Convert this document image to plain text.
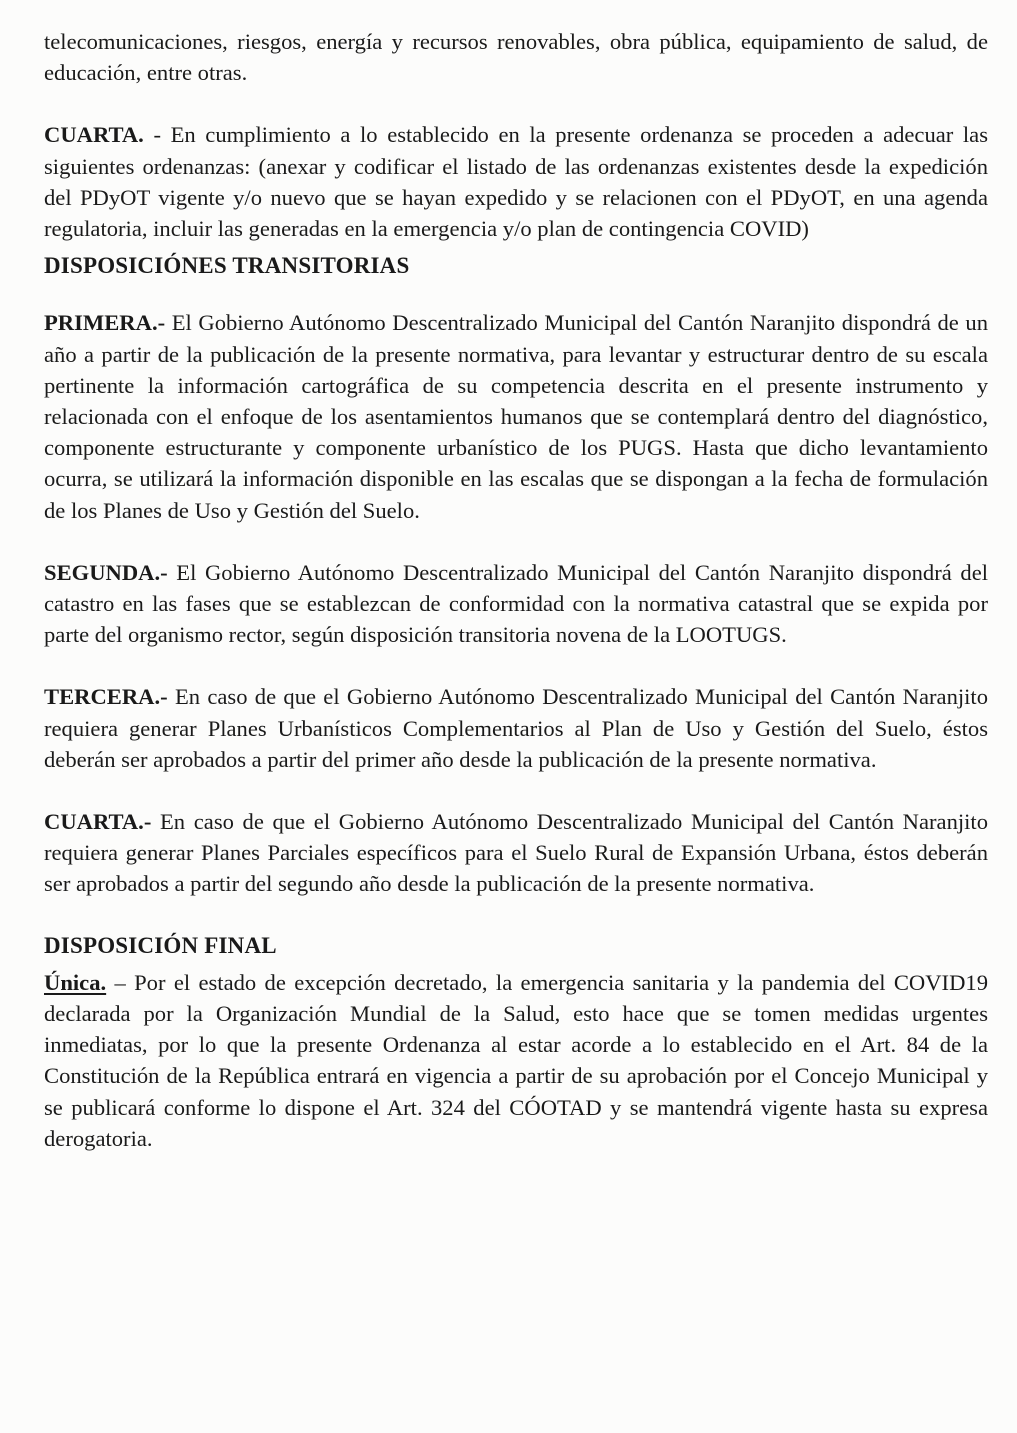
telecomunicaciones, riesgos, energía y recursos renovables, obra pública, equipamiento de salud, de educación, entre otras.

CUARTA. - En cumplimiento a lo establecido en la presente ordenanza se proceden a adecuar las siguientes ordenanzas: (anexar y codificar el listado de las ordenanzas existentes desde la expedición del PDyOT vigente y/o nuevo que se hayan expedido y se relacionen con el PDyOT, en una agenda regulatoria, incluir las generadas en la emergencia y/o plan de contingencia COVID)

DISPOSICIÓNES TRANSITORIAS

PRIMERA.- El Gobierno Autónomo Descentralizado Municipal del Cantón Naranjito dispondrá de un año a partir de la publicación de la presente normativa, para levantar y estructurar dentro de su escala pertinente la información cartográfica de su competencia descrita en el presente instrumento y relacionada con el enfoque de los asentamientos humanos que se contemplará dentro del diagnóstico, componente estructurante y componente urbanístico de los PUGS. Hasta que dicho levantamiento ocurra, se utilizará la información disponible en las escalas que se dispongan a la fecha de formulación de los Planes de Uso y Gestión del Suelo.

SEGUNDA.- El Gobierno Autónomo Descentralizado Municipal del Cantón Naranjito dispondrá del catastro en las fases que se establezcan de conformidad con la normativa catastral que se expida por parte del organismo rector, según disposición transitoria novena de la LOOTUGS.

TERCERA.- En caso de que el Gobierno Autónomo Descentralizado Municipal del Cantón Naranjito requiera generar Planes Urbanísticos Complementarios al Plan de Uso y Gestión del Suelo, éstos deberán ser aprobados a partir del primer año desde la publicación de la presente normativa.

CUARTA.- En caso de que el Gobierno Autónomo Descentralizado Municipal del Cantón Naranjito requiera generar Planes Parciales específicos para el Suelo Rural de Expansión Urbana, éstos deberán ser aprobados a partir del segundo año desde la publicación de la presente normativa.

DISPOSICIÓN FINAL

Única. – Por el estado de excepción decretado, la emergencia sanitaria y la pandemia del COVID19 declarada por la Organización Mundial de la Salud, esto hace que se tomen medidas urgentes inmediatas, por lo que la presente Ordenanza al estar acorde a lo establecido en el Art. 84 de la Constitución de la República entrará en vigencia a partir de su aprobación por el Concejo Municipal y se publicará conforme lo dispone el Art. 324 del CÓOTAD y se mantendrá vigente hasta su expresa derogatoria.
